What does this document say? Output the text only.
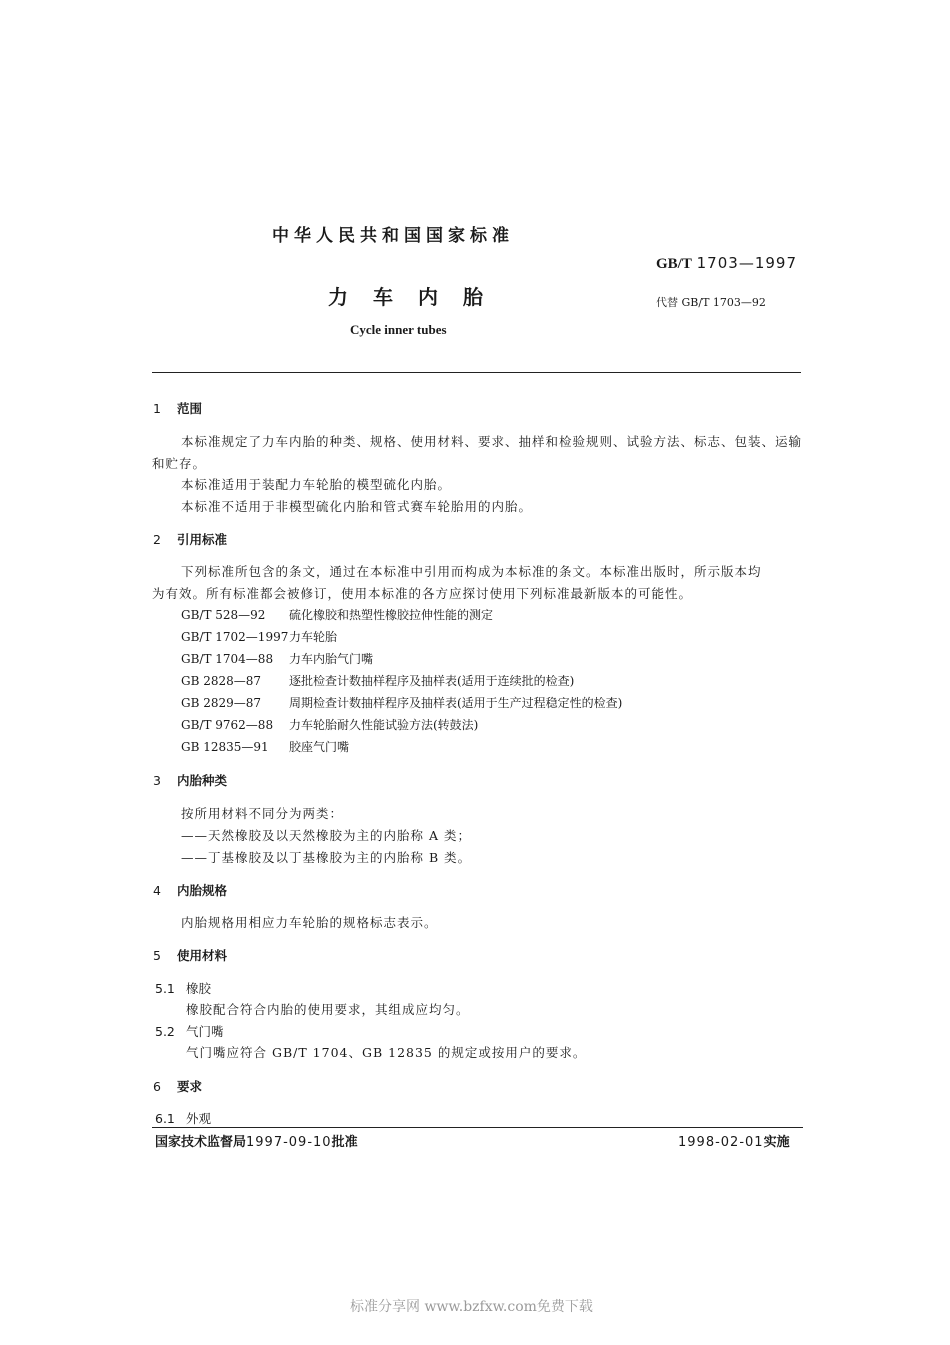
中华人民共和国国家标准
GB/T 1703—1997
力车内胎	代替 GB/T 1703—92
Cycle inner tubes
1 范围
本标准规定了力车内胎的种类、规格、使用材料、要求、抽样和检验规则、试验方法、标志、包装、运输
和贮存。
本标准适用于装配力车轮胎的模型硫化内胎。
本标准不适用于非模型硫化内胎和管式赛车轮胎用的内胎。
2 引用标准
下列标准所包含的条文，通过在本标准中引用而构成为本标准的条文。本标准出版时，所示版本均
为有效。所有标准都会被修订，使用本标准的各方应探讨使用下列标准最新版本的可能性。
GB/T 528—92 硫化橡胶和热塑性橡胶拉伸性能的测定
GB/T 1702—1997力车轮胎
GB/T 1704—88 力车内胎气门嘴
GB 2828—87 逐批检查计数抽样程序及抽样表(适用于连续批的检查)
GB 2829—87 周期检查计数抽样程序及抽样表(适用于生产过程稳定性的检查)
GB/T 9762—88 力车轮胎耐久性能试验方法(转鼓法)
GB 12835—91 胶座气门嘴
3 内胎种类
按所用材料不同分为两类：
——天然橡胶及以天然橡胶为主的内胎称 A 类；
——丁基橡胶及以丁基橡胶为主的内胎称 B 类。
4 内胎规格
内胎规格用相应力车轮胎的规格标志表示。
5 使用材料
5.1 橡胶
橡胶配合符合内胎的使用要求，其组成应均匀。
5.2 气门嘴
气门嘴应符合 GB/T 1704、GB 12835 的规定或按用户的要求。
6 要求
6.1 外观
国家技术监督局1997-09-10批准	1998-02-01实施
标准分享网 www.bzfxw.com免费下载
